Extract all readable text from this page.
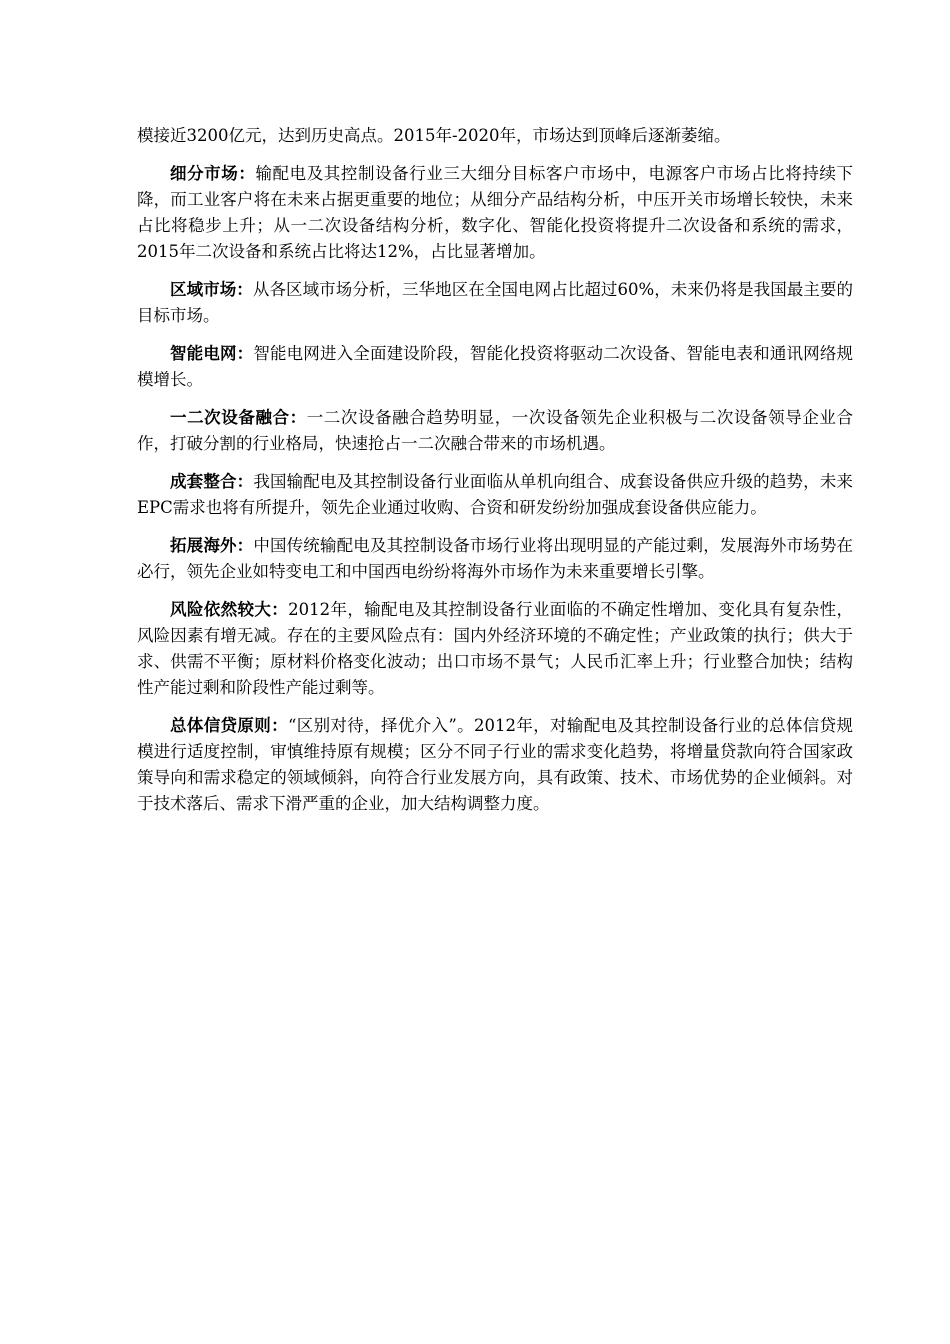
模接近3200亿元，达到历史高点。2015年-2020年，市场达到顶峰后逐渐萎缩。

细分市场：输配电及其控制设备行业三大细分目标客户市场中，电源客户市场占比将持续下降，而工业客户将在未来占据更重要的地位；从细分产品结构分析，中压开关市场增长较快，未来占比将稳步上升；从一二次设备结构分析，数字化、智能化投资将提升二次设备和系统的需求，2015年二次设备和系统占比将达12%，占比显著增加。

区域市场：从各区域市场分析，三华地区在全国电网占比超过60%，未来仍将是我国最主要的目标市场。

智能电网：智能电网进入全面建设阶段，智能化投资将驱动二次设备、智能电表和通讯网络规模增长。

一二次设备融合：一二次设备融合趋势明显，一次设备领先企业积极与二次设备领导企业合作，打破分割的行业格局，快速抢占一二次融合带来的市场机遇。

成套整合：我国输配电及其控制设备行业面临从单机向组合、成套设备供应升级的趋势，未来EPC需求也将有所提升，领先企业通过收购、合资和研发纷纷加强成套设备供应能力。

拓展海外：中国传统输配电及其控制设备市场行业将出现明显的产能过剩，发展海外市场势在必行，领先企业如特变电工和中国西电纷纷将海外市场作为未来重要增长引擎。

风险依然较大：2012年，输配电及其控制设备行业面临的不确定性增加、变化具有复杂性，风险因素有增无减。存在的主要风险点有：国内外经济环境的不确定性；产业政策的执行；供大于求、供需不平衡；原材料价格变化波动；出口市场不景气；人民币汇率上升；行业整合加快；结构性产能过剩和阶段性产能过剩等。

总体信贷原则：“区别对待，择优介入”。2012年，对输配电及其控制设备行业的总体信贷规模进行适度控制，审慎维持原有规模；区分不同子行业的需求变化趋势，将增量贷款向符合国家政策导向和需求稳定的领域倾斜，向符合行业发展方向，具有政策、技术、市场优势的企业倾斜。对于技术落后、需求下滑严重的企业，加大结构调整力度。
